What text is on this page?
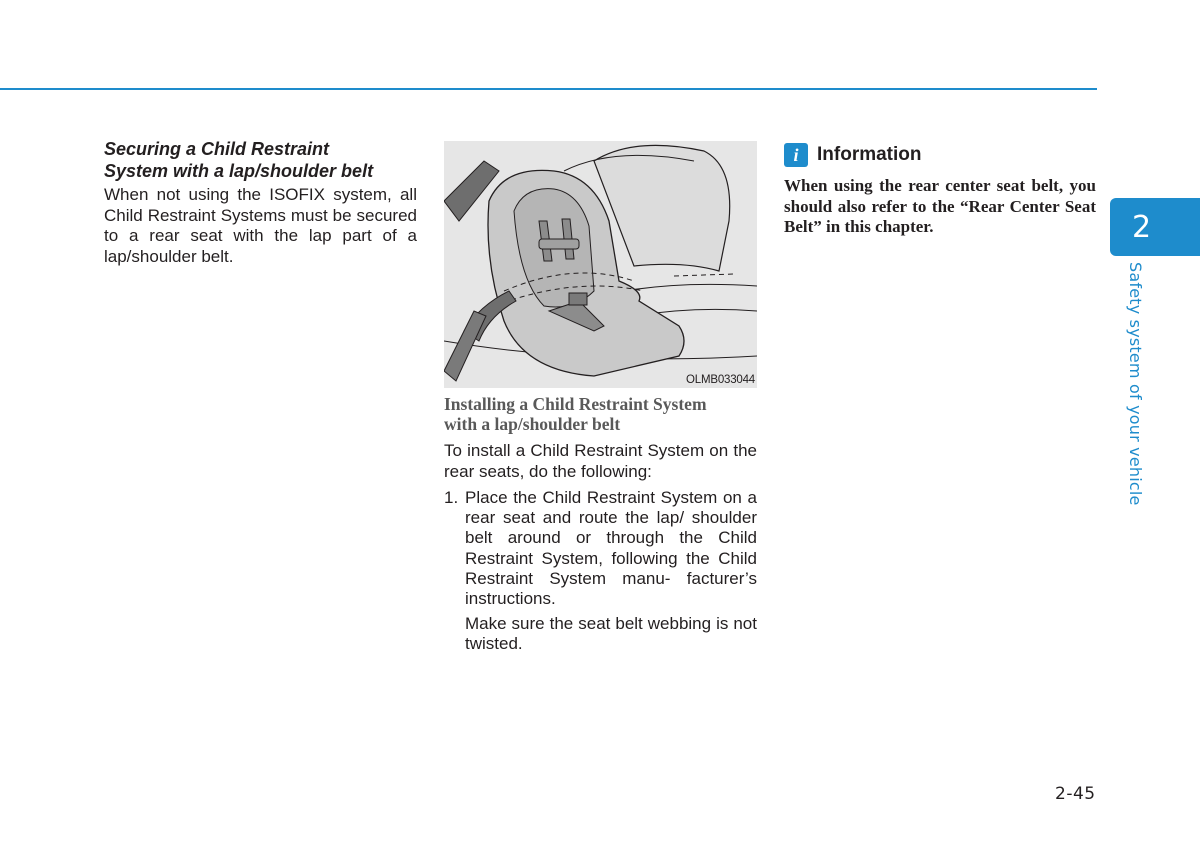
Securing a Child Restraint
System with a lap/shoulder belt

When not using the ISOFIX system, all Child Restraint Systems must be secured to a rear seat with the lap part of a lap/shoulder belt.

OLMB033044

Installing a Child Restraint System
with a lap/shoulder belt

To install a Child Restraint System on the rear seats, do the following:

1. Place the Child Restraint System on a rear seat and route the lap/ shoulder belt around or through the Child Restraint System, following the Child Restraint System manu- facturer’s instructions.
Make sure the seat belt webbing is not twisted.
i Information
When using the rear center seat belt, you should also refer to the “Rear Center Seat Belt” in this chapter.	2
Safety system of your vehicle
2-45
